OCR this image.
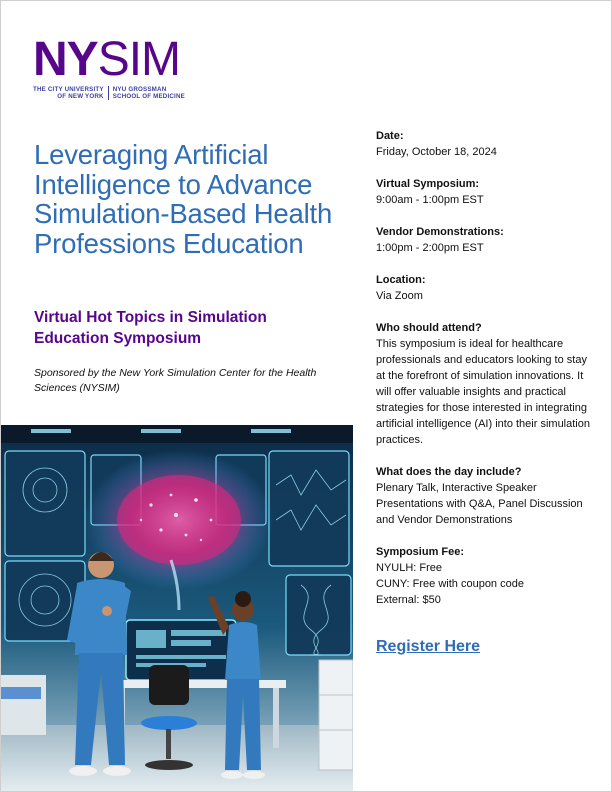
NYSIM
THE CITY UNIVERSITY
OF NEW YORK
NYU GROSSMAN
SCHOOL OF MEDICINE
Leveraging Artificial Intelligence to Advance Simulation-Based Health Professions Education
Virtual Hot Topics in Simulation Education Symposium
Sponsored by the New York Simulation Center for the Health Sciences (NYSIM)
Date:
Friday, October 18, 2024
Virtual Symposium:
9:00am - 1:00pm EST
Vendor Demonstrations:
1:00pm - 2:00pm EST
Location:
Via Zoom
Who should attend?
This symposium is ideal for healthcare professionals and educators looking to stay at the forefront of simulation innovations. It will offer valuable insights and practical strategies for those interested in integrating artificial intelligence (AI) into their simulation practices.
What does the day include?
Plenary Talk, Interactive Speaker Presentations with Q&A, Panel Discussion and Vendor Demonstrations
Symposium Fee:
NYULH: Free
CUNY: Free with coupon code
External: $50
Register Here
